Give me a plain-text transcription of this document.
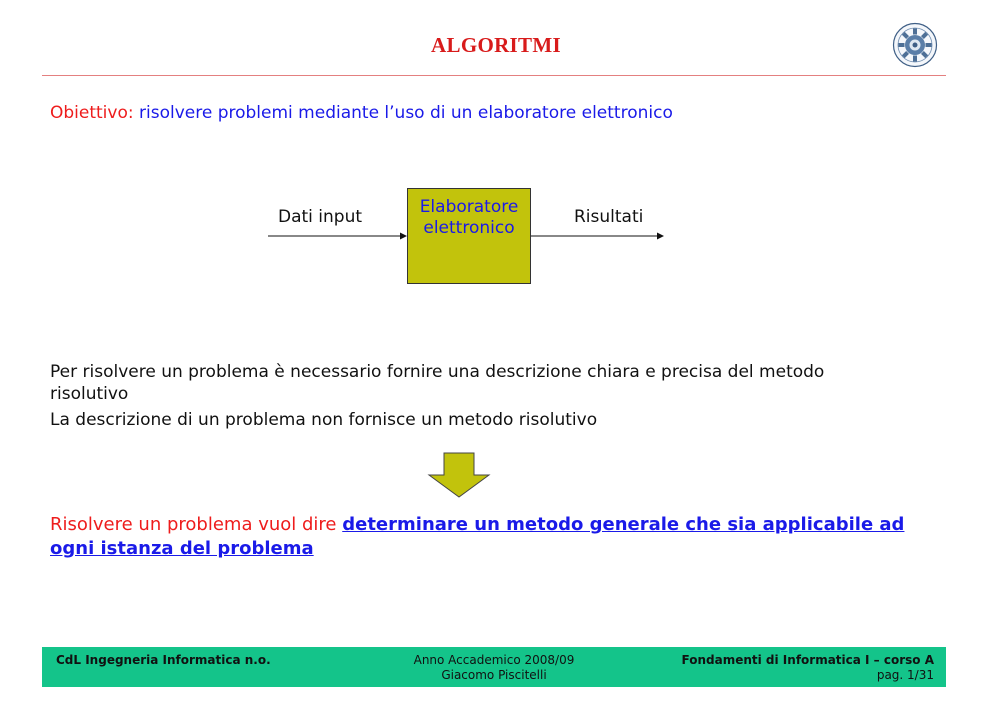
ALGORITMI
Obiettivo: risolvere problemi mediante l’uso di un elaboratore elettronico
Dati input	Elaboratore
elettronico
Risultati
Per risolvere un problema è necessario fornire una descrizione chiara e precisa del metodo
risolutivo
La descrizione di un problema non fornisce un metodo risolutivo
Risolvere un problema vuol dire determinare un metodo generale che sia applicabile ad ogni istanza del problema
Anno Accademico 2008/09
Giacomo Piscitelli
CdL Ingegneria Informatica n.o.	Fondamenti di Informatica I – corso A
pag. 1/31
